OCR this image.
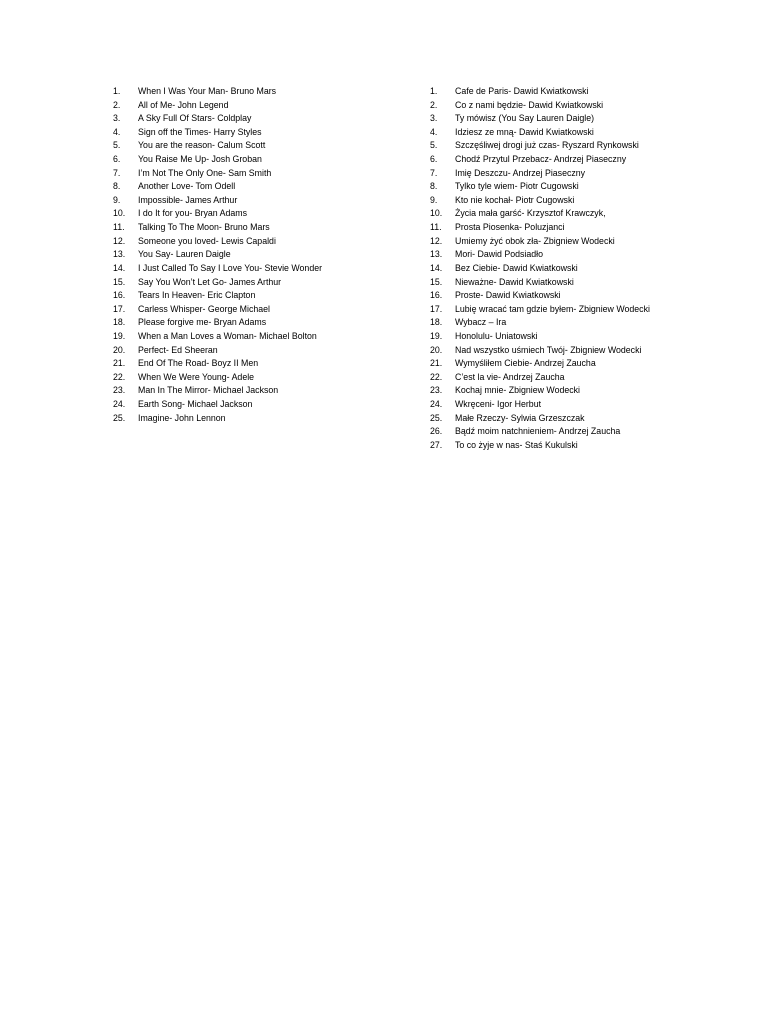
1. When I Was Your Man- Bruno Mars
2. All of Me- John Legend
3. A Sky Full Of Stars- Coldplay
4. Sign off the Times- Harry Styles
5. You are the reason- Calum Scott
6. You Raise Me Up- Josh Groban
7. I’m Not The Only One- Sam Smith
8. Another Love- Tom Odell
9. Impossible- James Arthur
10. I do It for you- Bryan Adams
11. Talking To The Moon- Bruno Mars
12. Someone you loved- Lewis Capaldi
13. You Say- Lauren Daigle
14. I Just Called To Say I Love You- Stevie Wonder
15. Say You Won’t Let Go- James Arthur
16. Tears In Heaven- Eric Clapton
17. Carless Whisper- George Michael
18. Please forgive me- Bryan Adams
19. When a Man Loves a Woman- Michael Bolton
20. Perfect- Ed Sheeran
21. End Of The Road- Boyz II Men
22. When We Were Young- Adele
23. Man In The Mirror- Michael Jackson
24. Earth Song- Michael Jackson
25. Imagine- John Lennon
1. Cafe de Paris- Dawid Kwiatkowski
2. Co z nami będzie- Dawid Kwiatkowski
3. Ty mówisz (You Say Lauren Daigle)
4. Idziesz ze mną- Dawid Kwiatkowski
5. Szczęśliwej drogi już czas- Ryszard Rynkowski
6. Chodź Przytul Przebacz- Andrzej Piaseczny
7. Imię Deszczu- Andrzej Piaseczny
8. Tylko tyle wiem- Piotr Cugowski
9. Kto nie kochał- Piotr Cugowski
10. Życia mała garść- Krzysztof Krawczyk,
11. Prosta Piosenka- Poluzjanci
12. Umiemy żyć obok zła- Zbigniew Wodecki
13. Mori- Dawid Podsiadło
14. Bez Ciebie- Dawid Kwiatkowski
15. Nieważne- Dawid Kwiatkowski
16. Proste- Dawid Kwiatkowski
17. Lubię wracać tam gdzie byłem- Zbigniew Wodecki
18. Wybacz – Ira
19. Honolulu- Uniatowski
20. Nad wszystko uśmiech Twój- Zbigniew Wodecki
21. Wymyśliłem Ciebie- Andrzej Zaucha
22. C’est la vie- Andrzej Zaucha
23. Kochaj mnie- Zbigniew Wodecki
24. Wkręceni- Igor Herbut
25. Małe Rzeczy- Sylwia Grzeszczak
26. Bądź moim natchnieniem- Andrzej Zaucha
27. To co żyje w nas- Staś Kukulski
